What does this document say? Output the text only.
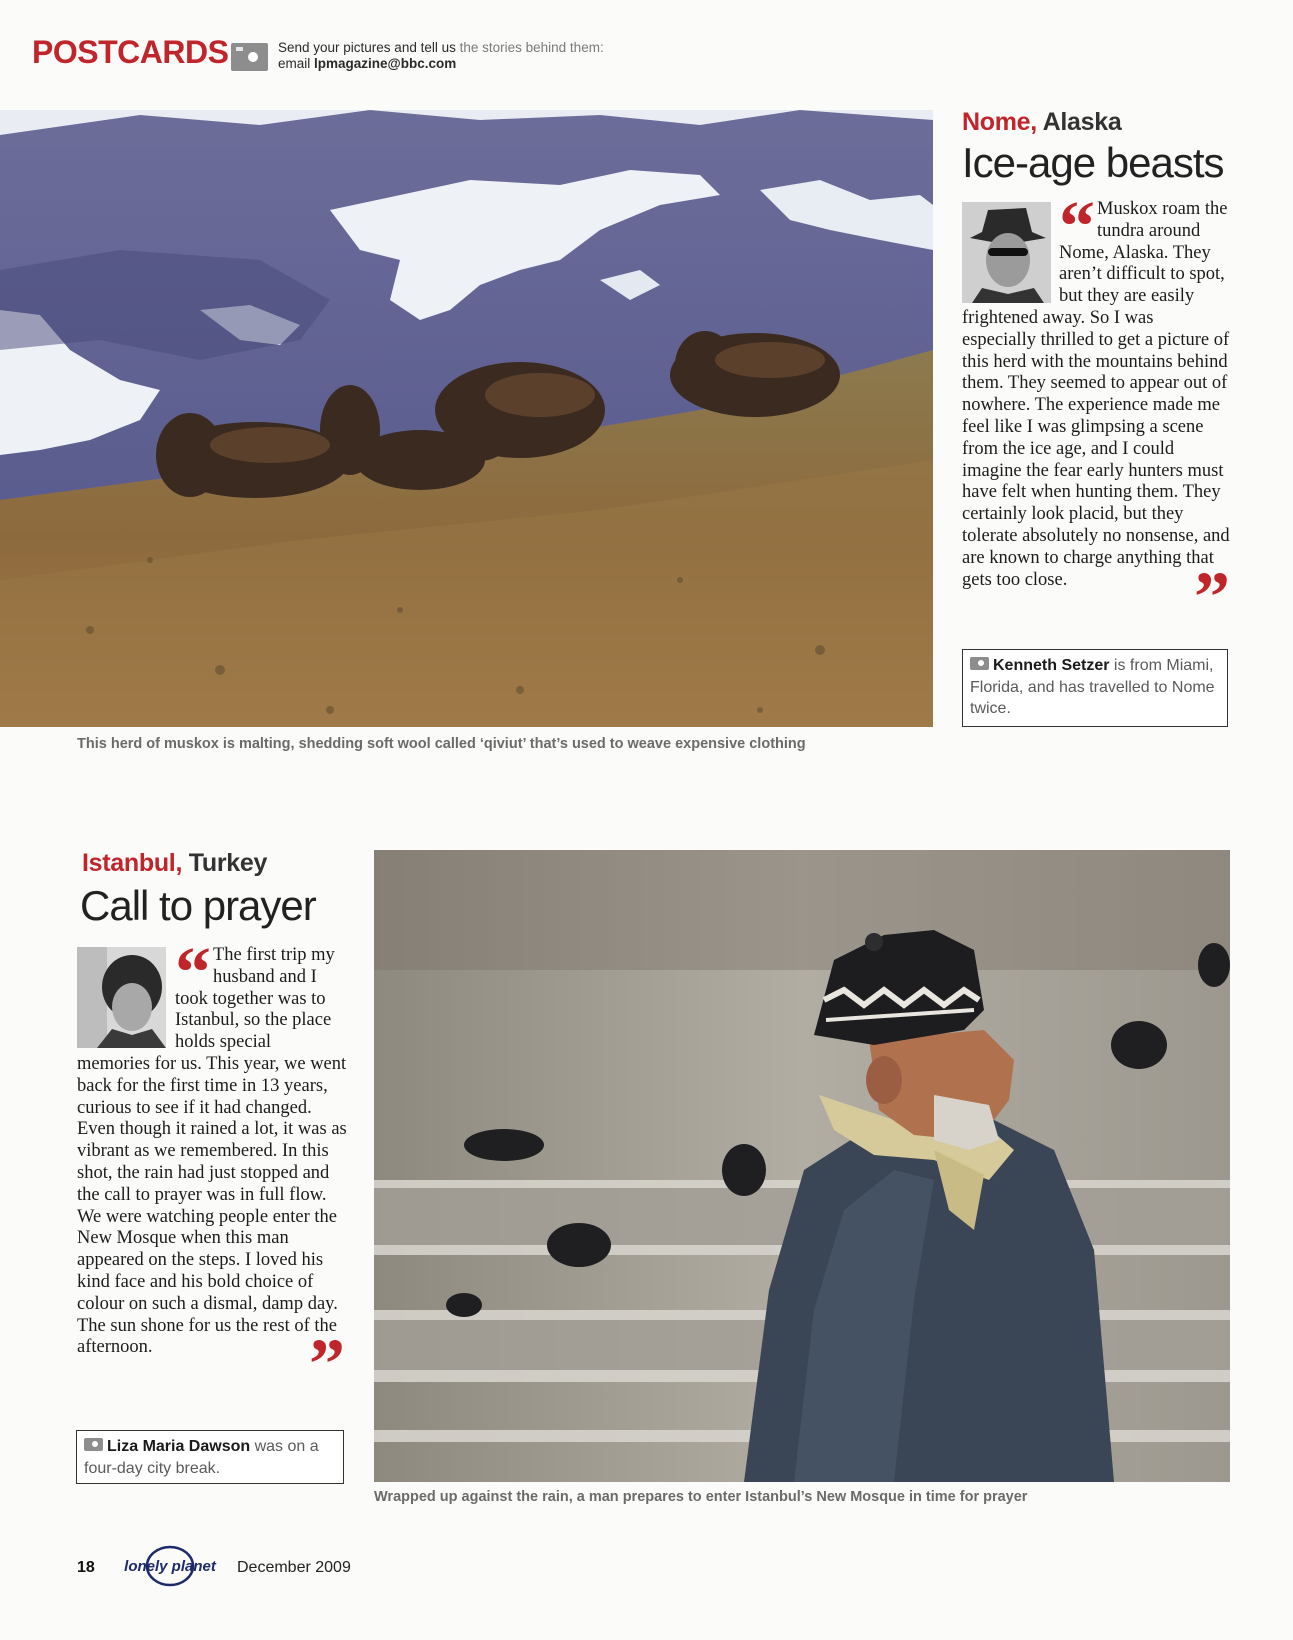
POSTCARDS	Send your pictures and tell us the stories behind them:
email lpmagazine@bbc.com
This herd of muskox is malting, shedding soft wool called ‘qiviut’ that’s used to weave expensive clothing
Nome, Alaska
Ice-age beasts
“ Muskox roam the tundra around Nome, Alaska. They aren’t difficult to spot, but they are easily frightened away. So I was especially thrilled to get a picture of this herd with the mountains behind them. They seemed to appear out of nowhere. The experience made me feel like I was glimpsing a scene from the ice age, and I could imagine the fear early hunters must have felt when hunting them. They certainly look placid, but they tolerate absolutely no nonsense, and are known to charge anything that gets too close. ”
Kenneth Setzer is from Miami, Florida, and has travelled to Nome twice.
Istanbul, Turkey
Call to prayer
“ The first trip my husband and I took together was to Istanbul, so the place holds special memories for us. This year, we went back for the first time in 13 years, curious to see if it had changed. Even though it rained a lot, it was as vibrant as we remembered. In this shot, the rain had just stopped and the call to prayer was in full flow. We were watching people enter the New Mosque when this man appeared on the steps. I loved his kind face and his bold choice of colour on such a dismal, damp day. The sun shone for us the rest of the afternoon. ”
Liza Maria Dawson was on a four-day city break.
Wrapped up against the rain, a man prepares to enter Istanbul’s New Mosque in time for prayer
18 lonely planet December 2009
